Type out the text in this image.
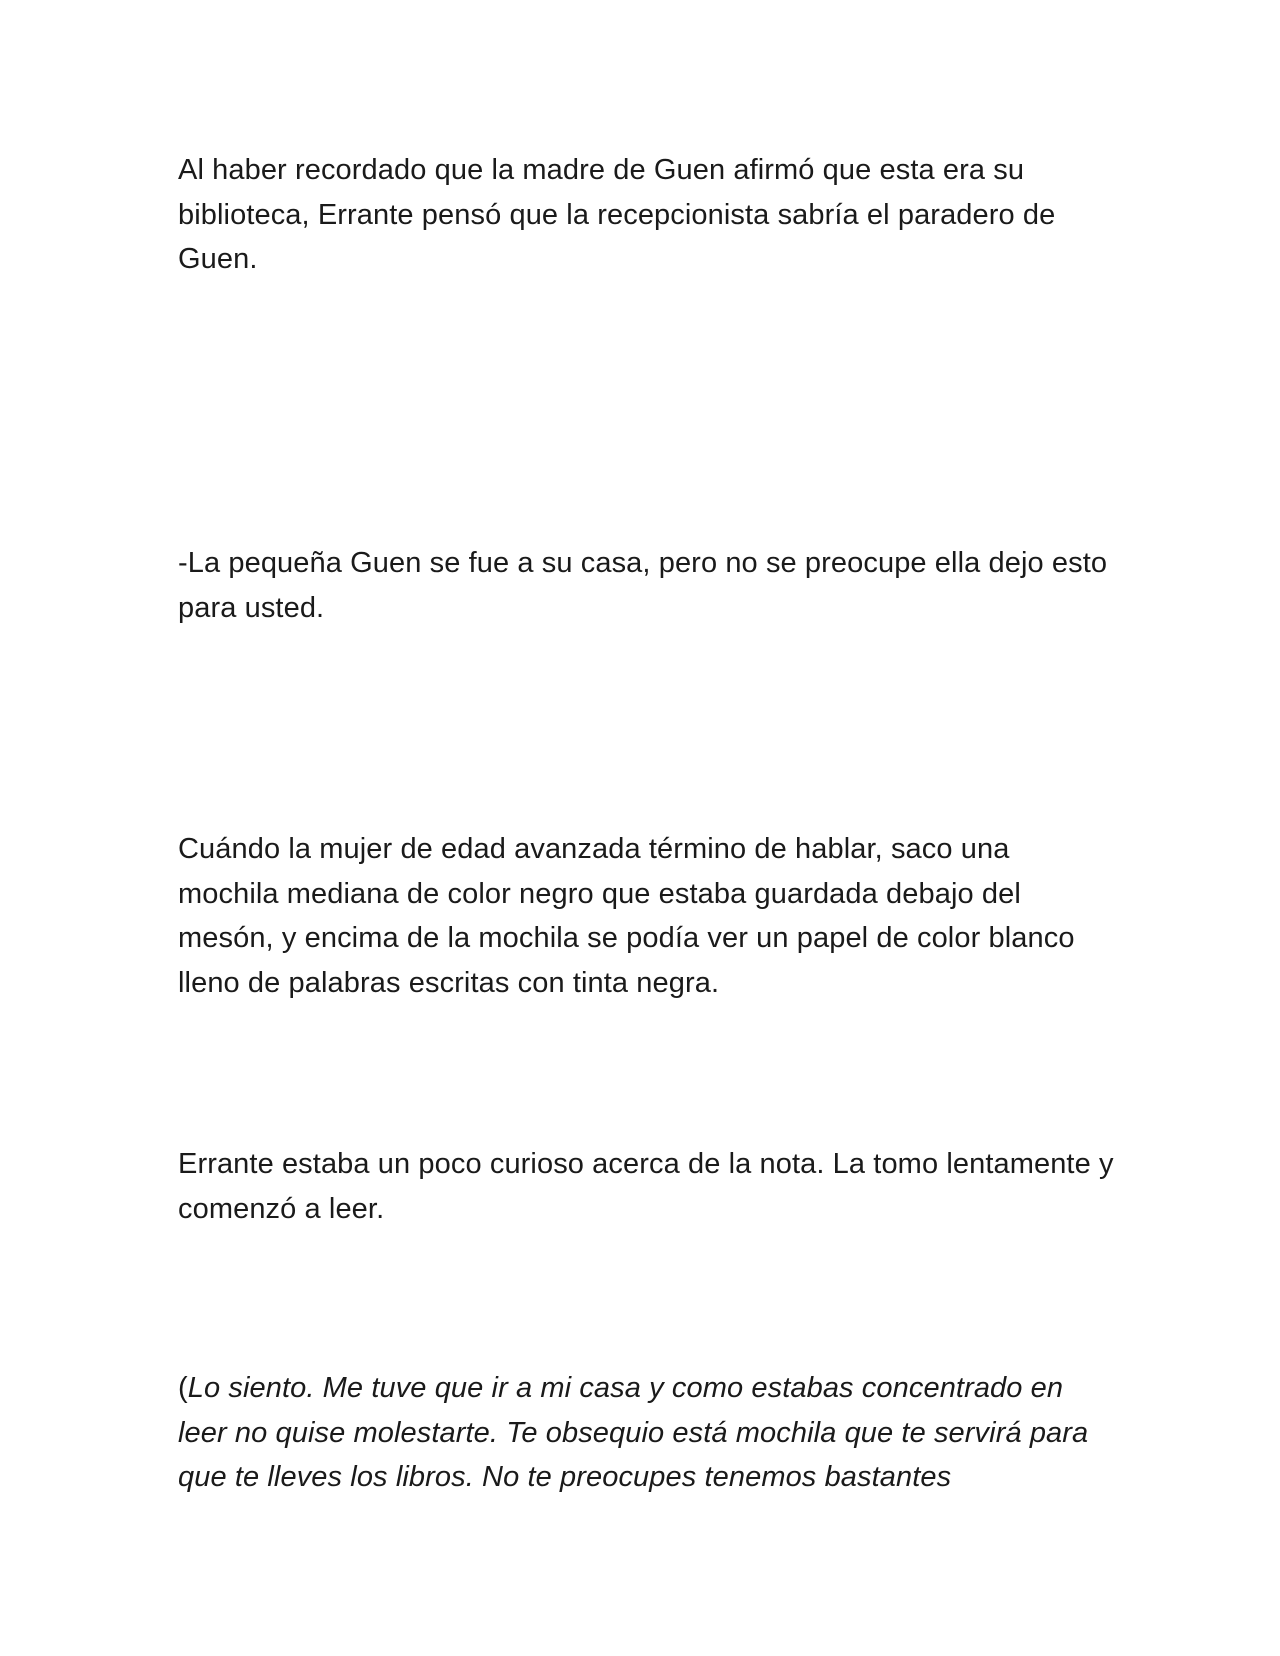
Al haber recordado que la madre de Guen afirmó que esta era su biblioteca, Errante pensó que la recepcionista sabría el paradero de Guen.

-La pequeña Guen se fue a su casa, pero no se preocupe ella dejo esto para usted.

Cuándo la mujer de edad avanzada término de hablar, saco una mochila mediana de color negro que estaba guardada debajo del mesón, y encima de la mochila se podía ver un papel de color blanco lleno de palabras escritas con tinta negra.

Errante estaba un poco curioso acerca de la nota. La tomo lentamente y comenzó a leer.

(Lo siento. Me tuve que ir a mi casa y como estabas concentrado en leer no quise molestarte. Te obsequio está mochila que te servirá para que te lleves los libros. No te preocupes tenemos bastantes
